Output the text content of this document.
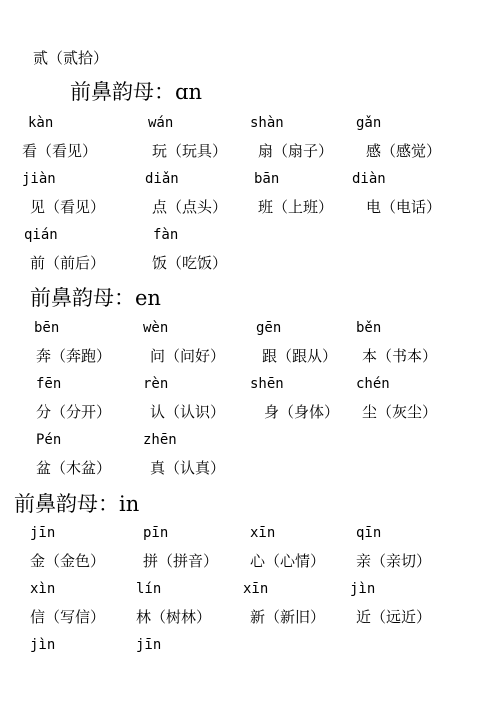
贰（贰拾）
前鼻韵母：ɑn
kàn	wán	shàn	gǎn
看（看见）	玩（玩具） 扇（扇子） 感（感觉）
jiàn	diǎn	bān	diàn
见（看见）	点（点头） 班（上班） 电（电话）
qián	fàn
前（前后）	饭（吃饭）
前鼻韵母：en
bēn	wèn	gēn	běn
奔（奔跑）	问（问好） 跟（跟从） 本（书本）
fēn	rèn	shēn	chén
分（分开）	认（认识）	身（身体） 尘（灰尘）
Pén	zhēn
盆（木盆）	真（认真）
前鼻韵母：in
jīn	pīn	xīn	qīn
金（金色）	拼（拼音） 心（心情） 亲（亲切）
xìn	lín	xīn	jìn
信（写信） 林（树林）	新（新旧） 近（远近）
jìn	jīn
